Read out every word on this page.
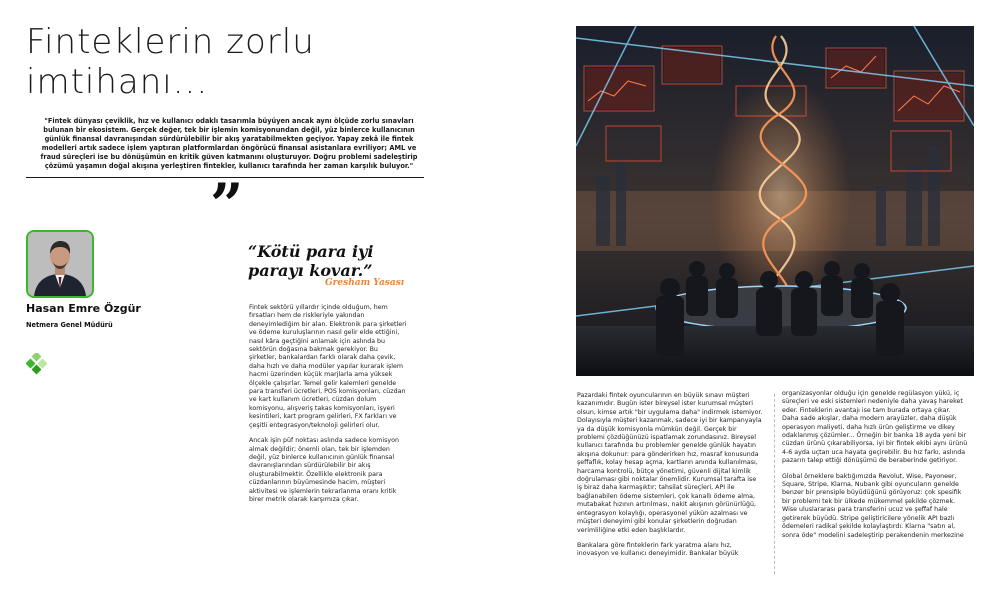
Finteklerin zorlu
imtihanı...

"Fintek dünyası çeviklik, hız ve kullanıcı odaklı tasarımla büyüyen ancak aynı ölçüde zorlu sınavları bulunan bir ekosistem. Gerçek değer, tek bir işlemin komisyonundan değil, yüz binlerce kullanıcının günlük finansal davranışından sürdürülebilir bir akış yaratabilmekten geçiyor. Yapay zekâ ile fintek modelleri artık sadece işlem yaptıran platformlardan öngörücü finansal asistanlara evriliyor; AML ve fraud süreçleri ise bu dönüşümün en kritik güven katmanını oluşturuyor. Doğru problemi sadeleştirip çözümü yaşamın doğal akışına yerleştiren fintekler, kullanıcı tarafında her zaman karşılık buluyor."

”

Hasan Emre Özgür

Netmera Genel Müdürü

“Kötü para iyi parayı kovar.”

Gresham Yasası

Fintek sektörü yıllardır içinde olduğum, hem fırsatları hem de riskleriyle yakından deneyimlediğim bir alan. Elektronik para şirketleri ve ödeme kuruluşlarının nasıl gelir elde ettiğini, nasıl kâra geçtiğini anlamak için aslında bu sektörün doğasına bakmak gerekiyor. Bu şirketler, bankalardan farklı olarak daha çevik, daha hızlı ve daha modüler yapılar kurarak işlem hacmi üzerinden küçük marjlarla ama yüksek ölçekle çalışırlar. Temel gelir kalemleri genelde para transferi ücretleri, POS komisyonları, cüzdan ve kart kullanım ücretleri, cüzdan dolum komisyonu, alışveriş takas komisyonları, işyeri kesintileri, kart program gelirleri, FX farkları ve çeşitli entegrasyon/teknoloji gelirleri olur.

Ancak işin püf noktası aslında sadece komisyon almak değildir; önemli olan, tek bir işlemden değil, yüz binlerce kullanıcının günlük finansal davranışlarından sürdürülebilir bir akış oluşturabilmektir. Özellikle elektronik para cüzdanlarının büyümesinde hacim, müşteri aktivitesi ve işlemlerin tekrarlanma oranı kritik birer metrik olarak karşımıza çıkar.

Pazardaki fintek oyuncularının en büyük sınavı müşteri kazanımıdır. Bugün ister bireysel ister kurumsal müşteri olsun, kimse artık "bir uygulama daha" indirmek istemiyor. Dolayısıyla müşteri kazanmak, sadece iyi bir kampanyayla ya da düşük komisyonla mümkün değil. Gerçek bir problemi çözdüğünüzü ispatlamak zorundasınız. Bireysel kullanıcı tarafında bu problemler genelde günlük hayatın akışına dokunur: para gönderirken hız, masraf konusunda şeffaflık, kolay hesap açma, kartların anında kullanılması, harcama kontrolü, bütçe yönetimi, güvenli dijital kimlik doğrulaması gibi noktalar önemlidir. Kurumsal tarafta ise iş biraz daha karmaşıktır; tahsilat süreçleri, API ile bağlanabilen ödeme sistemleri, çok kanallı ödeme alma, mutabakat hızının artırılması, nakit akışının görünürlüğü, entegrasyon kolaylığı, operasyonel yükün azalması ve müşteri deneyimi gibi konular şirketlerin doğrudan verimliliğine etki eden başlıklardır.

Bankalara göre fintеklerin fark yaratma alanı hız, inovasyon ve kullanıcı deneyimidir. Bankalar büyük

organizasyonlar olduğu için genelde regülasyon yükü, iç süreçleri ve eski sistemleri nedeniyle daha yavaş hareket eder. Finteklerin avantajı ise tam burada ortaya çıkar. Daha sade akışlar, daha modern arayüzler, daha düşük operasyon maliyeti, daha hızlı ürün geliştirme ve dikey odaklanmış çözümler... Örneğin bir banka 18 ayda yeni bir cüzdan ürünü çıkarabiliyorsa, iyi bir fintek ekibi aynı ürünü 4-6 ayda uçtan uca hayata geçirebilir. Bu hız farkı, aslında pazarın talep ettiği dönüşümü de beraberinde getiriyor.

Global örneklere baktığımızda Revolut, Wise, Payoneer, Square, Stripe, Klarna, Nubank gibi oyuncuların genelde benzer bir prensiple büyüdüğünü görüyoruz: çok spesifik bir problemi tek bir ülkede mükemmel şekilde çözmek. Wise uluslararası para transferini ucuz ve şeffaf hale getirerek büyüdü. Stripe geliştiricilere yönelik API bazlı ödemeleri radikal şekilde kolaylaştırdı. Klarna "satın al, sonra öde" modelini sadeleştirip perakendenin merkezine
